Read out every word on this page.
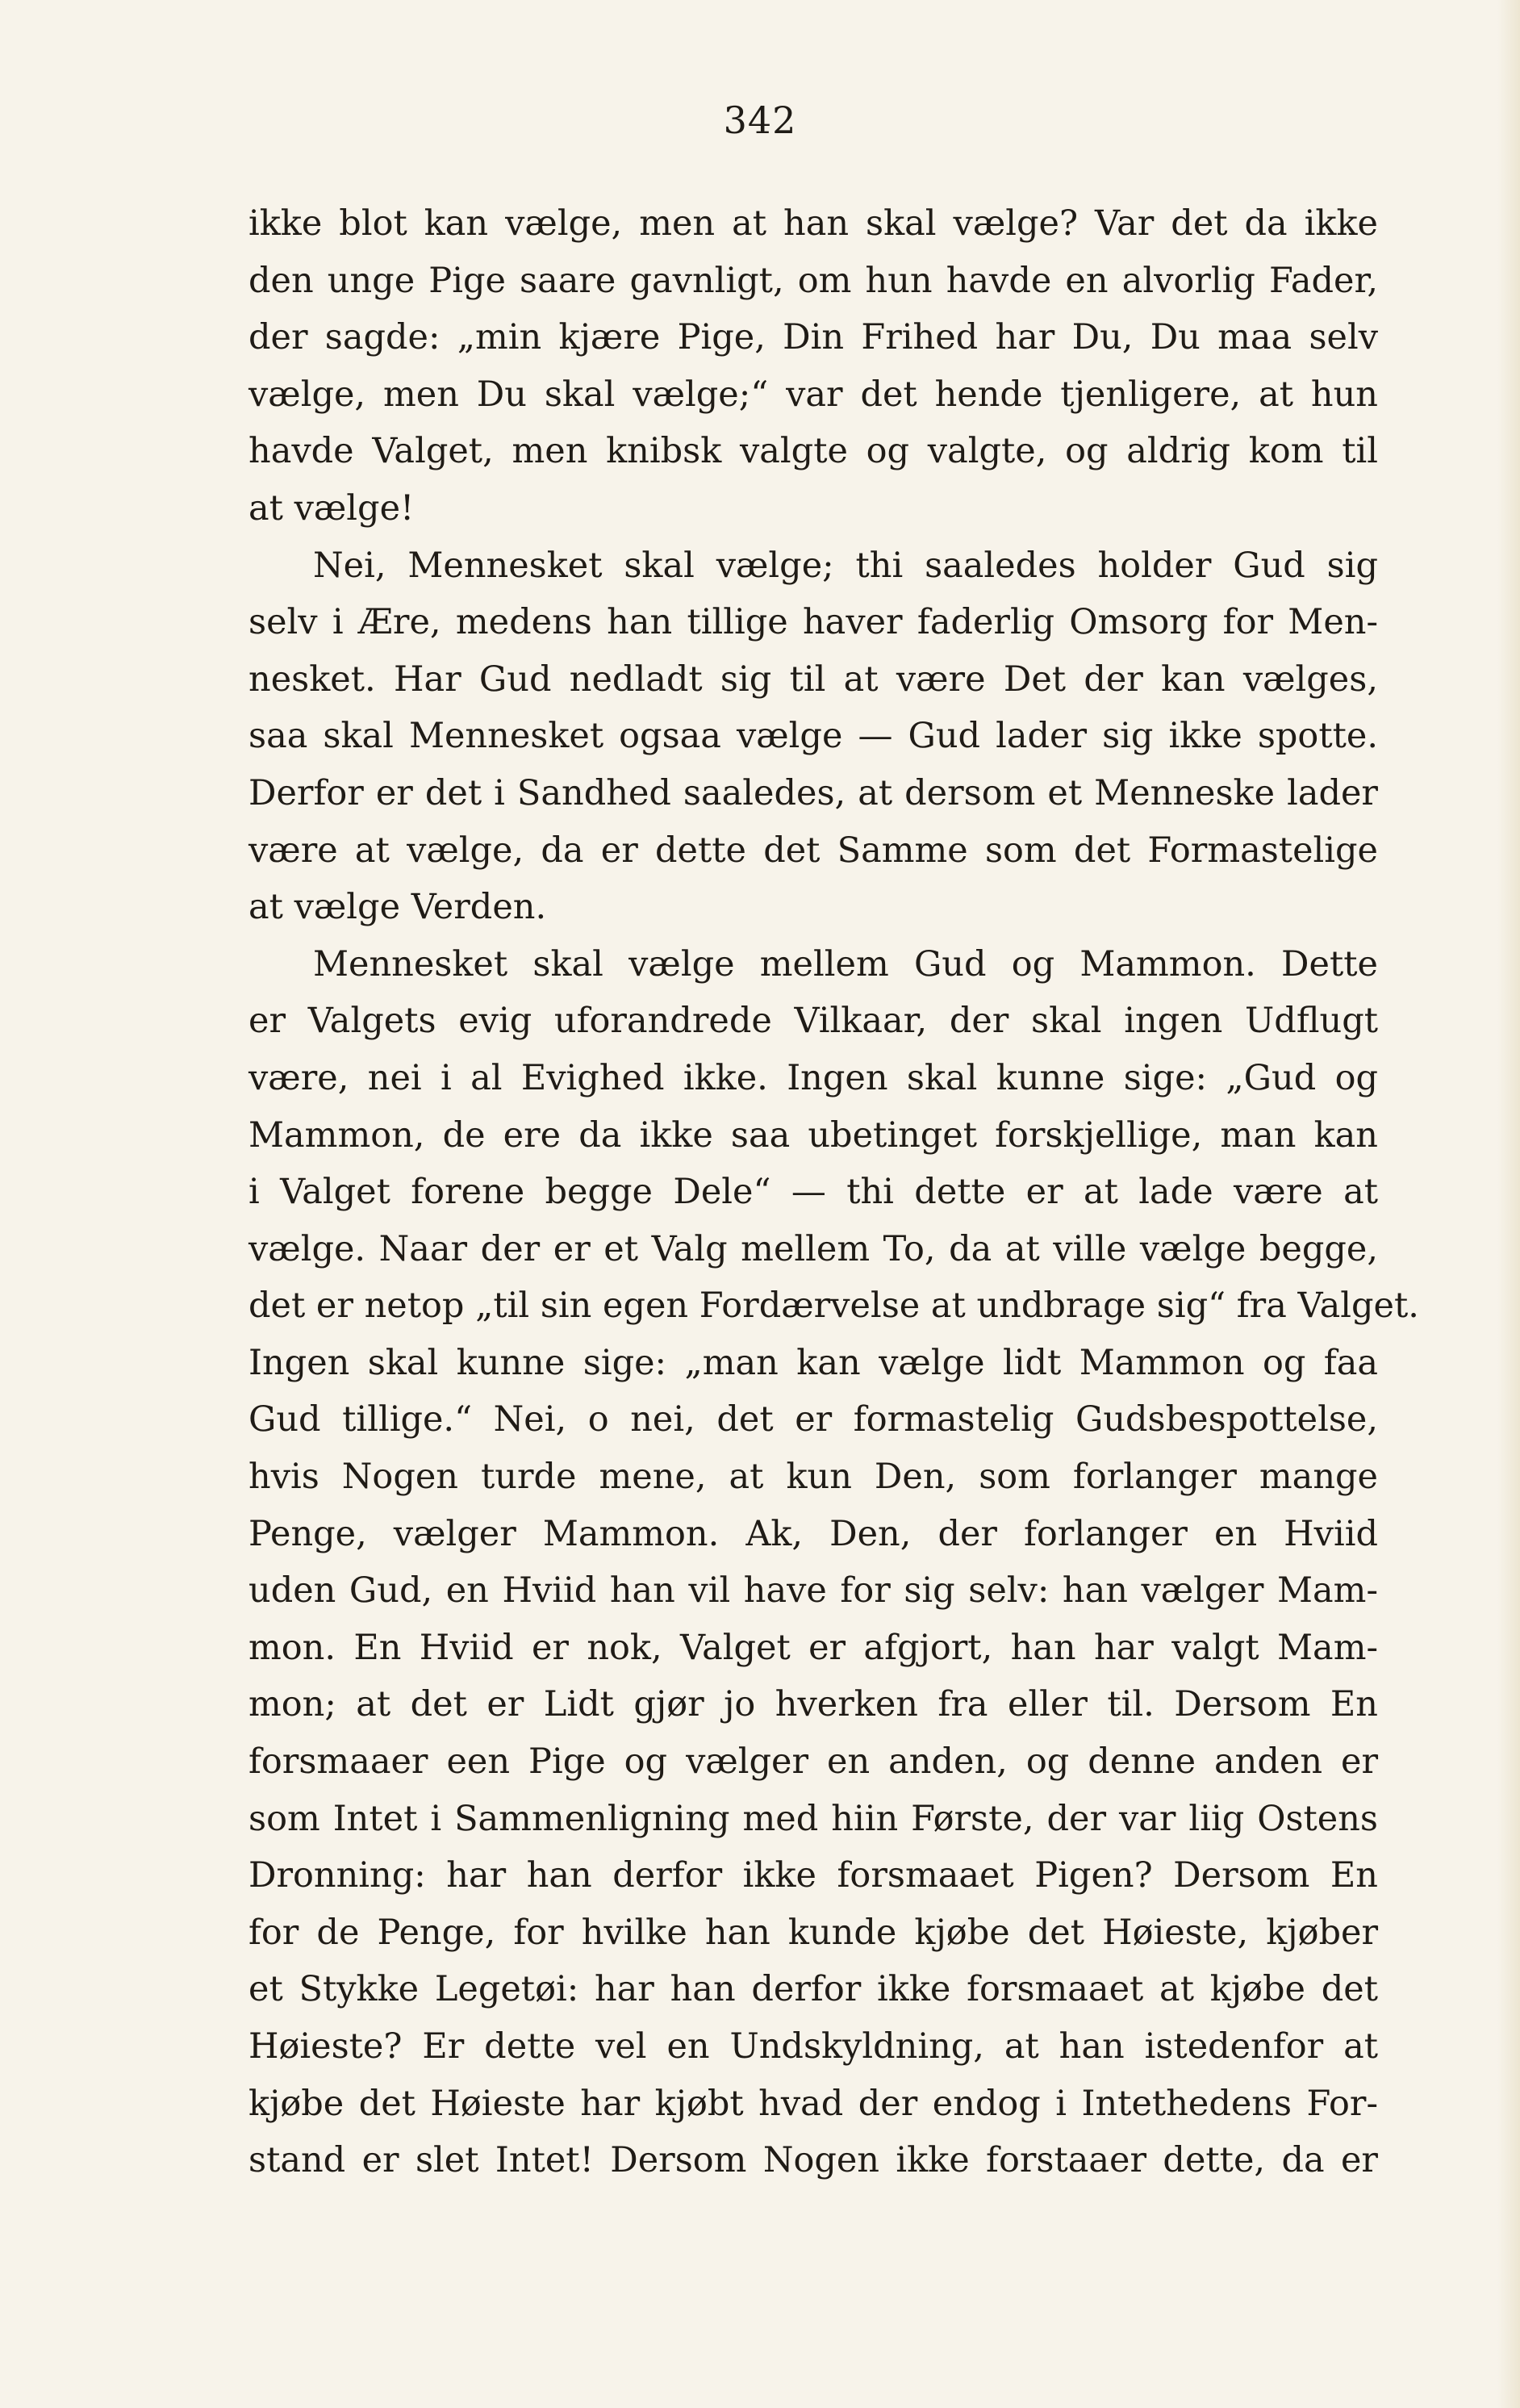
342
ikke blot kan vælge, men at han skal vælge? Var det da ikke
den unge Pige saare gavnligt, om hun havde en alvorlig Fader,
der sagde: „min kjære Pige, Din Frihed har Du, Du maa selv
vælge, men Du skal vælge;“ var det hende tjenligere, at hun
havde Valget, men knibsk valgte og valgte, og aldrig kom til
at vælge!
Nei, Mennesket skal vælge; thi saaledes holder Gud sig
selv i Ære, medens han tillige haver faderlig Omsorg for Men-
nesket. Har Gud nedladt sig til at være Det der kan vælges,
saa skal Mennesket ogsaa vælge — Gud lader sig ikke spotte.
Derfor er det i Sandhed saaledes, at dersom et Menneske lader
være at vælge, da er dette det Samme som det Formastelige
at vælge Verden.
Mennesket skal vælge mellem Gud og Mammon. Dette
er Valgets evig uforandrede Vilkaar, der skal ingen Udflugt
være, nei i al Evighed ikke. Ingen skal kunne sige: „Gud og
Mammon, de ere da ikke saa ubetinget forskjellige, man kan
i Valget forene begge Dele“ — thi dette er at lade være at
vælge. Naar der er et Valg mellem To, da at ville vælge begge,
det er netop „til sin egen Fordærvelse at undbrage sig“ fra Valget.
Ingen skal kunne sige: „man kan vælge lidt Mammon og faa
Gud tillige.“ Nei, o nei, det er formastelig Gudsbespottelse,
hvis Nogen turde mene, at kun Den, som forlanger mange
Penge, vælger Mammon. Ak, Den, der forlanger en Hviid
uden Gud, en Hviid han vil have for sig selv: han vælger Mam-
mon. En Hviid er nok, Valget er afgjort, han har valgt Mam-
mon; at det er Lidt gjør jo hverken fra eller til. Dersom En
forsmaaer een Pige og vælger en anden, og denne anden er
som Intet i Sammenligning med hiin Første, der var liig Ostens
Dronning: har han derfor ikke forsmaaet Pigen? Dersom En
for de Penge, for hvilke han kunde kjøbe det Høieste, kjøber
et Stykke Legetøi: har han derfor ikke forsmaaet at kjøbe det
Høieste? Er dette vel en Undskyldning, at han istedenfor at
kjøbe det Høieste har kjøbt hvad der endog i Intethedens For-
stand er slet Intet! Dersom Nogen ikke forstaaer dette, da er
